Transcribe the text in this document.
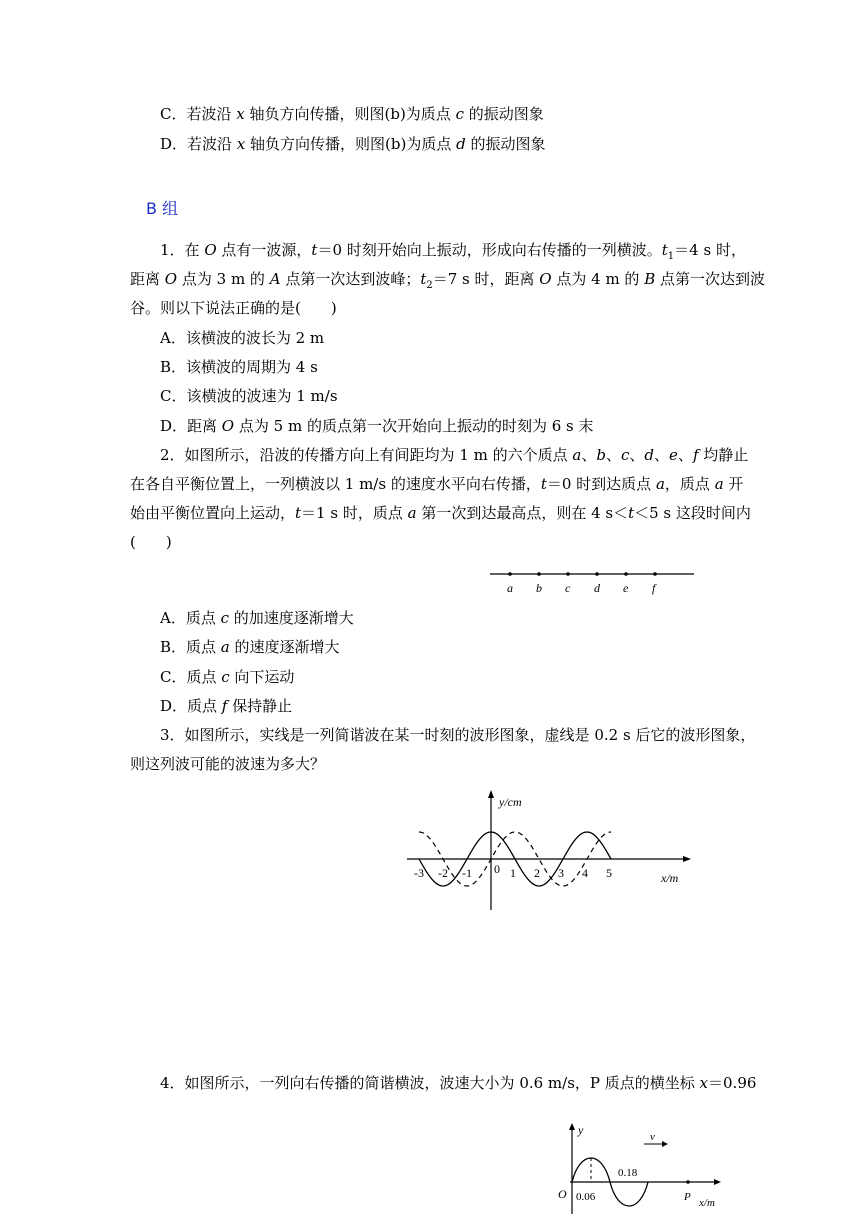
C．若波沿 x 轴负方向传播，则图(b)为质点 c 的振动图象
D．若波沿 x 轴负方向传播，则图(b)为质点 d 的振动图象
B 组
1．在 O 点有一波源，t＝0 时刻开始向上振动，形成向右传播的一列横波。$t_1=4$ s 时，
距离 O 点为 3 m 的 A 点第一次达到波峰；$t_2=7$ s 时，距离 O 点为 4 m 的 B 点第一次达到波
谷。则以下说法正确的是(　　)
A．该横波的波长为 2 m
B．该横波的周期为 4 s
C．该横波的波速为 1 m/s
D．距离 O 点为 5 m 的质点第一次开始向上振动的时刻为 6 s 末
2．如图所示，沿波的传播方向上有间距均为 1 m 的六个质点 a、b、c、d、e、f 均静止
在各自平衡位置上，一列横波以 1 m/s 的速度水平向右传播，t＝0 时到达质点 a，质点 a 开
始由平衡位置向上运动，t＝1 s 时，质点 a 第一次到达最高点，则在 4 s＜t＜5 s 这段时间内
(　　)
a b c d e f
A．质点 c 的加速度逐渐增大
B．质点 a 的速度逐渐增大
C．质点 c 向下运动
D．质点 f 保持静止
3．如图所示，实线是一列简谐波在某一时刻的波形图象，虚线是 0.2 s 后它的波形图象，
则这列波可能的波速为多大？
y/cm
x/m
-3 -2 -1 0 1 2 3 4 5
4．如图所示，一列向右传播的简谐横波，波速大小为 0.6 m/s，P 质点的横坐标 x＝0.96
y
O
x/m
0.06
0.18
P
v
